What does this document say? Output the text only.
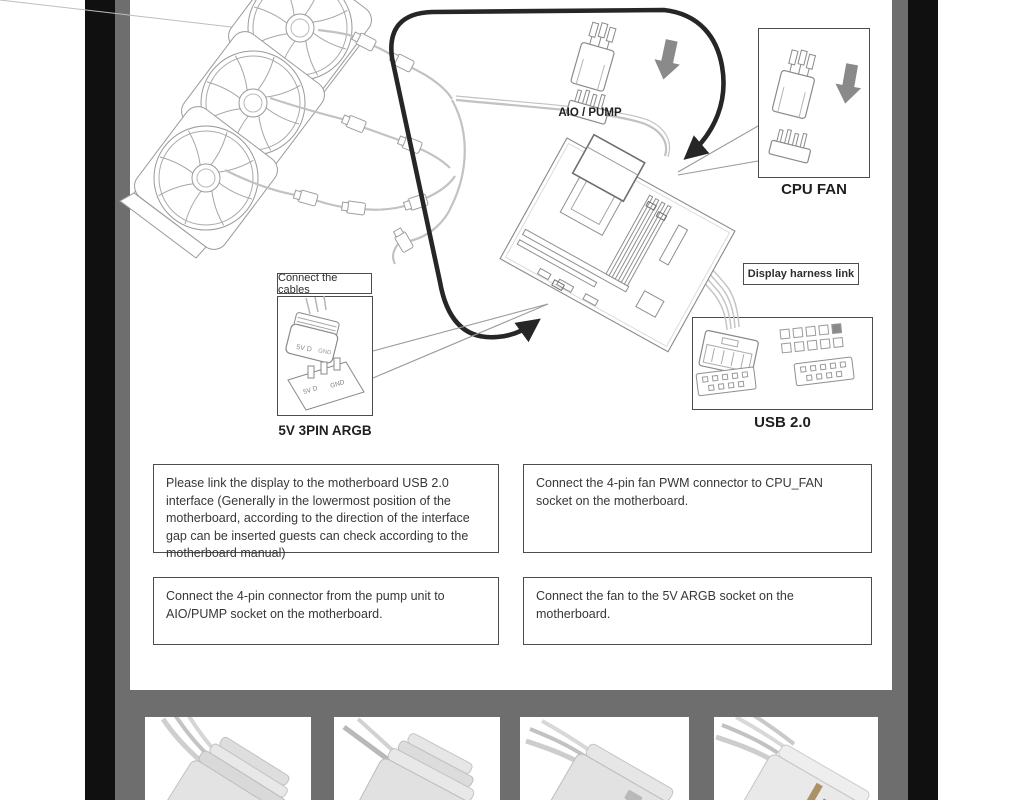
5V D GND
5V D
GND
AIO / PUMP
CPU FAN
Connect the cables
5V 3PIN ARGB
Display harness link
USB 2.0
Please link the display to the motherboard USB 2.0 interface (Generally in the lowermost position of the motherboard, according to the direction of the interface gap can be inserted guests can check according to the motherboard manual)
Connect the 4-pin fan PWM connector to CPU_FAN socket on the motherboard.
Connect the 4-pin connector from the pump unit to AIO/PUMP socket on the motherboard.
Connect the fan to the 5V ARGB socket on the motherboard.
